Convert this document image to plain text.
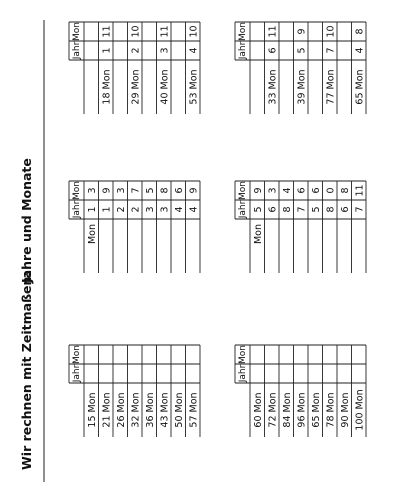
Wir rechnen mit Zeitmaßen:
Jahre und Monate
Mon
Jahr
15 Mon 21 Mon 26 Mon 32 Mon 36 Mon 43 Mon 50 Mon 57 Mon
Mon
Jahr 1
3
Mon
1
9
2
3
2
7
3
5
3
8
4
6
4
9
Mon
Jahr
18 Mon
1
11
29 Mon
2
10
40 Mon
3
11
53 Mon
4
10
Mon
Jahr
60 Mon 72 Mon 84 Mon 96 Mon 65 Mon 78 Mon 90 Mon 100 Mon
Mon
Jahr 5
9
Mon
6
3
8
4
7
6
5
6
8
0
6
8
7
11
Mon
Jahr
33 Mon
6
11
39 Mon
5
9
77 Mon
7
10
65 Mon
4
8
